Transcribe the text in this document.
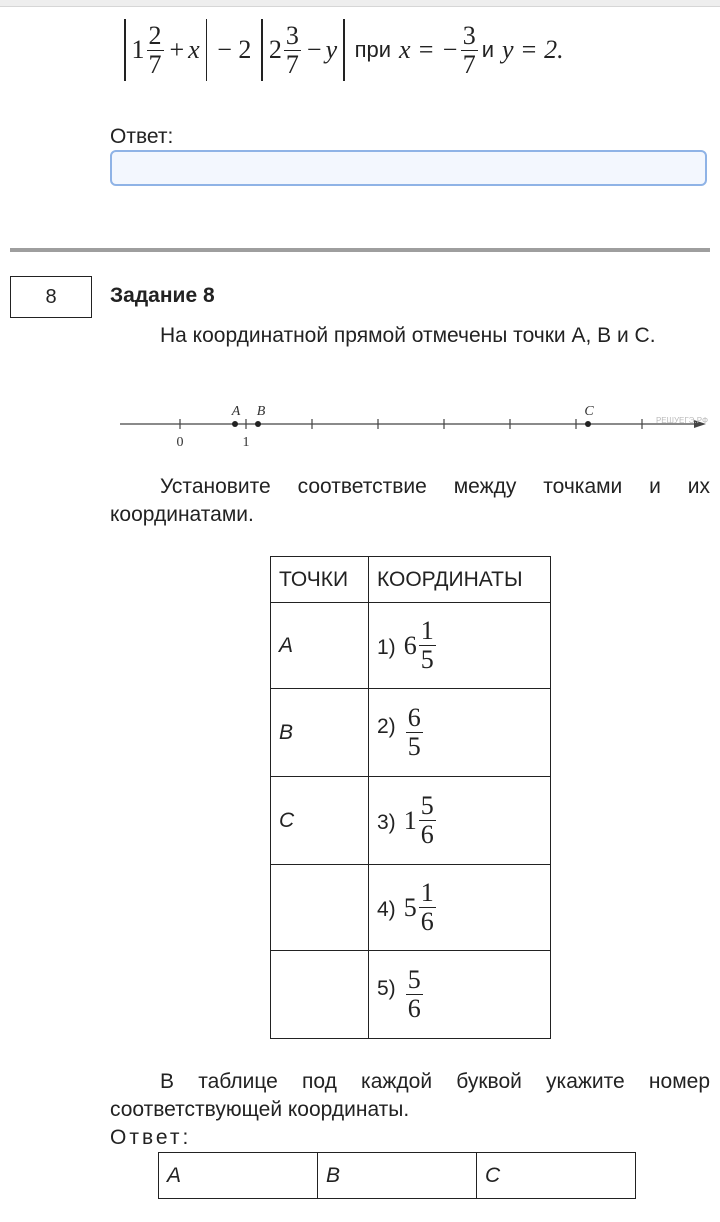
$1 \frac{2}{7} + x - 2$ $2 \frac{3}{7} - y$ при x = − $\frac{3}{7}$ и y = 2.
Ответ:
8	Задание 8
На координатной прямой отмечены точки A, B и C.
0	1
A B	C
РЕШУЕГЭ.РФ
Установите соответствие между точками и их координатами.
ТОЧКИ	КООРДИНАТЫ
A	1) $6 \frac{1}{5}$

B	$2) \frac{6}{5}$

C	3) $1 \frac{5}{6}$

	4) $5 \frac{1}{6}$

	$5) \frac{5}{6}$
В таблице под каждой буквой укажите номер соответствующей координаты.
Ответ:
A	B	C
